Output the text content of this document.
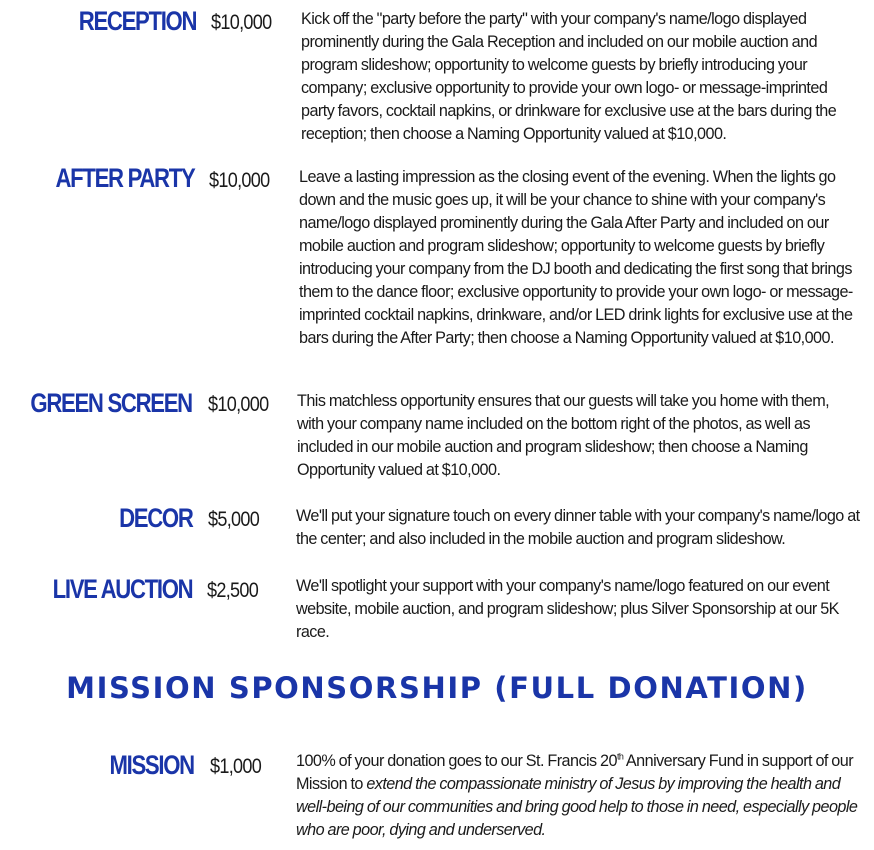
RECEPTION $10,000 Kick off the "party before the party" with your company's name/logo displayed prominently during the Gala Reception and included on our mobile auction and program slideshow; opportunity to welcome guests by briefly introducing your company; exclusive opportunity to provide your own logo- or message-imprinted party favors, cocktail napkins, or drinkware for exclusive use at the bars during the reception; then choose a Naming Opportunity valued at $10,000.
AFTER PARTY $10,000 Leave a lasting impression as the closing event of the evening. When the lights go down and the music goes up, it will be your chance to shine with your company's name/logo displayed prominently during the Gala After Party and included on our mobile auction and program slideshow; opportunity to welcome guests by briefly introducing your company from the DJ booth and dedicating the first song that brings them to the dance floor; exclusive opportunity to provide your own logo- or message-imprinted cocktail napkins, drinkware, and/or LED drink lights for exclusive use at the bars during the After Party; then choose a Naming Opportunity valued at $10,000.
GREEN SCREEN $10,000 This matchless opportunity ensures that our guests will take you home with them, with your company name included on the bottom right of the photos, as well as included in our mobile auction and program slideshow; then choose a Naming Opportunity valued at $10,000.
DECOR $5,000 We'll put your signature touch on every dinner table with your company's name/logo at the center; and also included in the mobile auction and program slideshow.
LIVE AUCTION $2,500 We'll spotlight your support with your company's name/logo featured on our event website, mobile auction, and program slideshow; plus Silver Sponsorship at our 5K race.
MISSION SPONSORSHIP (FULL DONATION)
MISSION $1,000 100% of your donation goes to our St. Francis 20th Anniversary Fund in support of our Mission to extend the compassionate ministry of Jesus by improving the health and well-being of our communities and bring good help to those in need, especially people who are poor, dying and underserved.
